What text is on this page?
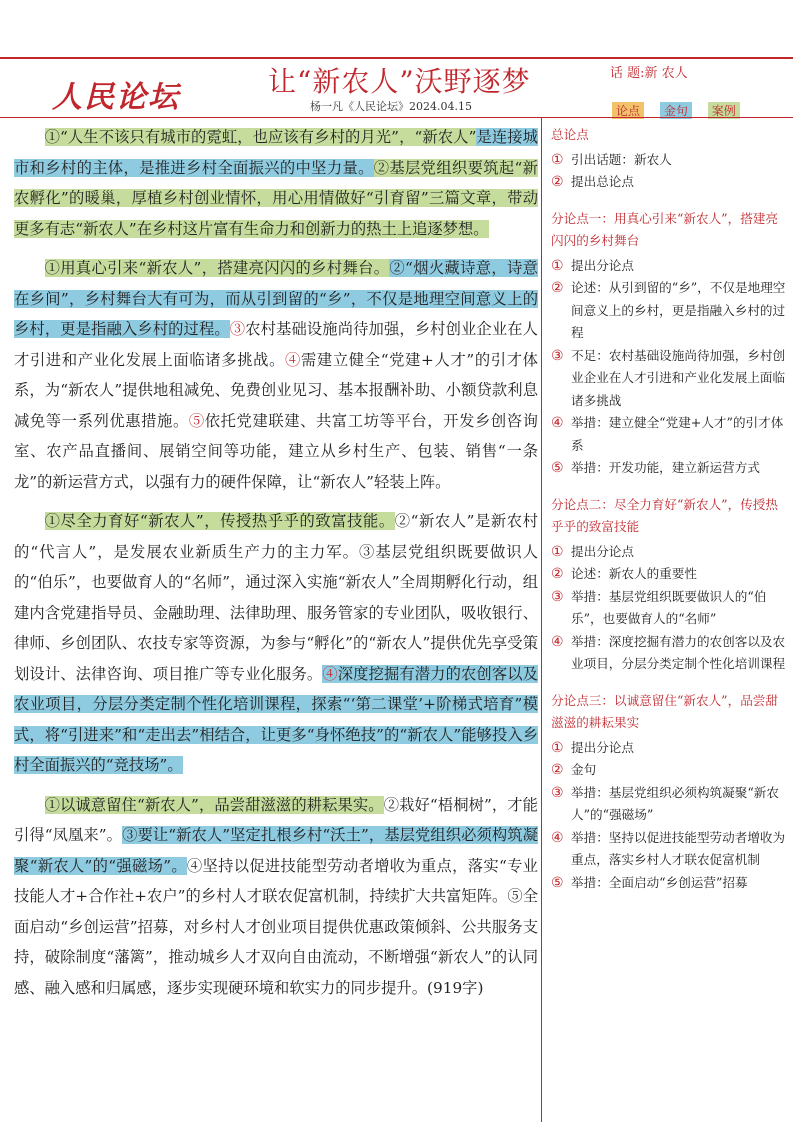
人民论坛	让“新农人”沃野逐梦
杨一凡《人民论坛》2024.04.15
话 题:新 农人
论点 金句 案例

①“人生不该只有城市的霓虹，也应该有乡村的月光”，“新农人”是连接城市和乡村的主体，是推进乡村全面振兴的中坚力量。②基层党组织要筑起“新农孵化”的暖巢，厚植乡村创业情怀，用心用情做好“引育留”三篇文章，带动更多有志“新农人”在乡村这片富有生命力和创新力的热土上追逐梦想。

①用真心引来“新农人”，搭建亮闪闪的乡村舞台。②“烟火藏诗意，诗意在乡间”，乡村舞台大有可为，而从引到留的“乡”，不仅是地理空间意义上的乡村，更是指融入乡村的过程。③农村基础设施尚待加强，乡村创业企业在人才引进和产业化发展上面临诸多挑战。④需建立健全“党建+人才”的引才体系，为“新农人”提供地租减免、免费创业见习、基本报酬补助、小额贷款利息减免等一系列优惠措施。⑤依托党建联建、共富工坊等平台，开发乡创咨询室、农产品直播间、展销空间等功能，建立从乡村生产、包装、销售“一条龙”的新运营方式，以强有力的硬件保障，让“新农人”轻装上阵。

①尽全力育好“新农人”，传授热乎乎的致富技能。②“新农人”是新农村的“代言人”，是发展农业新质生产力的主力军。③基层党组织既要做识人的“伯乐”，也要做育人的“名师”，通过深入实施“新农人”全周期孵化行动，组建内含党建指导员、金融助理、法律助理、服务管家的专业团队，吸收银行、律师、乡创团队、农技专家等资源，为参与“孵化”的“新农人”提供优先享受策划设计、法律咨询、项目推广等专业化服务。④深度挖掘有潜力的农创客以及农业项目，分层分类定制个性化培训课程，探索“‘第二课堂’+阶梯式培育”模式，将“引进来”和“走出去”相结合，让更多“身怀绝技”的“新农人”能够投入乡村全面振兴的“竞技场”。

①以诚意留住“新农人”，品尝甜滋滋的耕耘果实。②栽好“梧桐树”，才能引得“凤凰来”。③要让“新农人”坚定扎根乡村“沃土”，基层党组织必须构筑凝聚“新农人”的“强磁场”。④坚持以促进技能型劳动者增收为重点，落实“专业技能人才+合作社+农户”的乡村人才联农促富机制，持续扩大共富矩阵。⑤全面启动“乡创运营”招募，对乡村人才创业项目提供优惠政策倾斜、公共服务支持，破除制度“藩篱”，推动城乡人才双向自由流动，不断增强“新农人”的认同感、融入感和归属感，逐步实现硬环境和软实力的同步提升。(919字)

总论点
① 引出话题：新农人
② 提出总论点
分论点一：用真心引来“新农人”，搭建亮闪闪的乡村舞台
① 提出分论点
② 论述：从引到留的“乡”，不仅是地理空间意义上的乡村，更是指融入乡村的过程
③ 不足：农村基础设施尚待加强，乡村创业企业在人才引进和产业化发展上面临诸多挑战
④ 举措：建立健全“党建+人才”的引才体系
⑤ 举措：开发功能，建立新运营方式
分论点二：尽全力育好“新农人”，传授热乎乎的致富技能
① 提出分论点
② 论述：新农人的重要性
③ 举措：基层党组织既要做识人的“伯乐”，也要做育人的“名师”
④ 举措：深度挖掘有潜力的农创客以及农业项目，分层分类定制个性化培训课程
分论点三：以诚意留住“新农人”，品尝甜滋滋的耕耘果实
① 提出分论点
② 金句
③ 举措：基层党组织必须构筑凝聚“新农人”的“强磁场”
④ 举措：坚持以促进技能型劳动者增收为重点，落实乡村人才联农促富机制
⑤ 举措：全面启动“乡创运营”招募
